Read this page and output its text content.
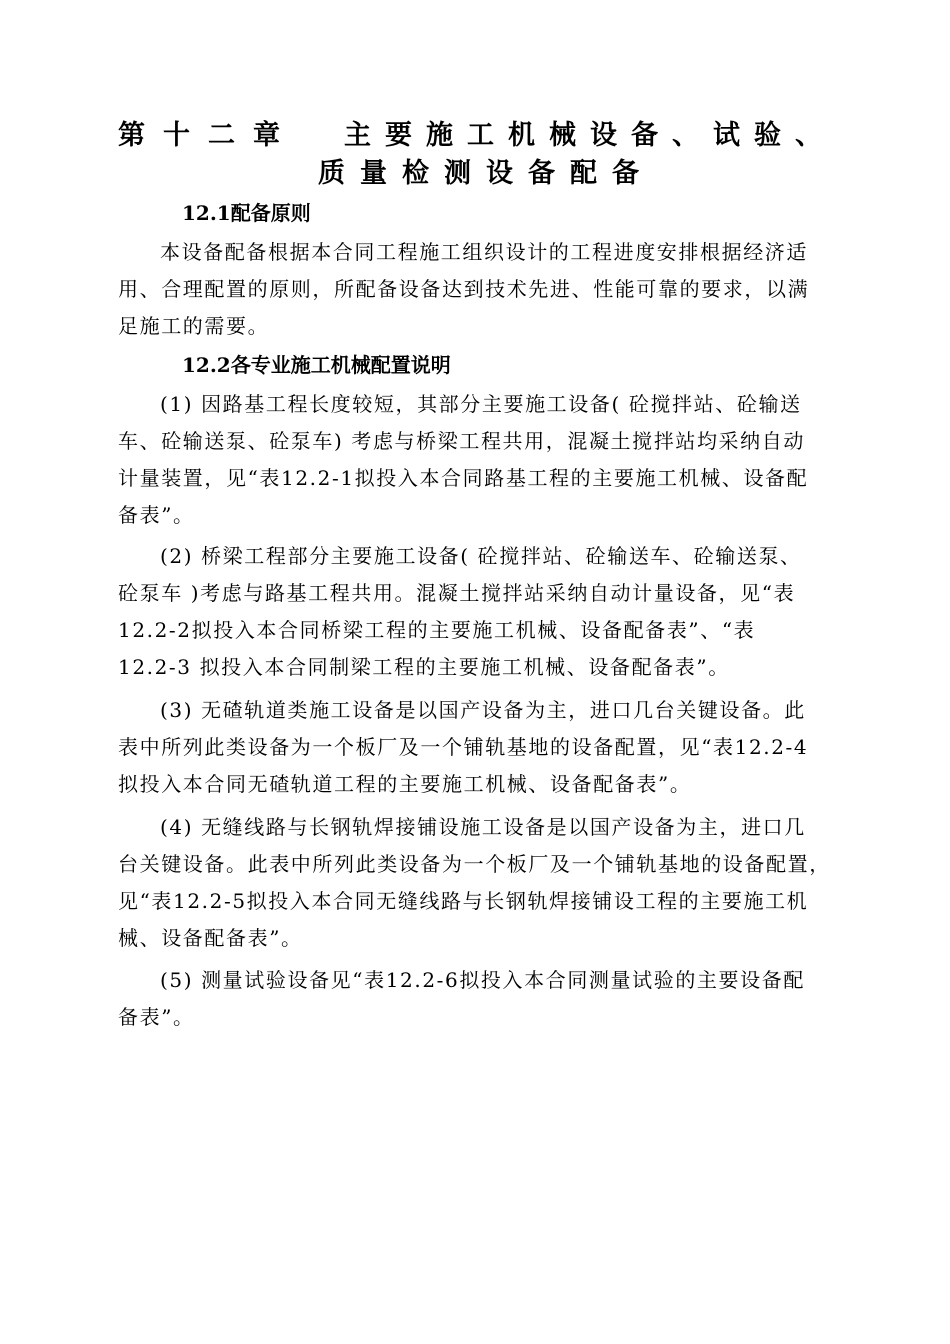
第十二章 主要施工机械设备、试验、
质量检测设备配备
12.1配备原则
本设备配备根据本合同工程施工组织设计的工程进度安排根据经济适
用、合理配置的原则，所配备设备达到技术先进、性能可靠的要求，以满
足施工的需要。
12.2各专业施工机械配置说明
(1) 因路基工程长度较短，其部分主要施工设备( 砼搅拌站、砼输送
车、砼输送泵、砼泵车) 考虑与桥梁工程共用，混凝土搅拌站均采纳自动
计量装置，见“表12.2-1拟投入本合同路基工程的主要施工机械、设备配
备表”。
(2) 桥梁工程部分主要施工设备( 砼搅拌站、砼输送车、砼输送泵、
砼泵车 )考虑与路基工程共用。混凝土搅拌站采纳自动计量设备，见“表
12.2-2拟投入本合同桥梁工程的主要施工机械、设备配备表”、“表
12.2-3 拟投入本合同制梁工程的主要施工机械、设备配备表”。
(3) 无碴轨道类施工设备是以国产设备为主，进口几台关键设备。此
表中所列此类设备为一个板厂及一个铺轨基地的设备配置，见“表12.2-4
拟投入本合同无碴轨道工程的主要施工机械、设备配备表”。
(4) 无缝线路与长钢轨焊接铺设施工设备是以国产设备为主，进口几
台关键设备。此表中所列此类设备为一个板厂及一个铺轨基地的设备配置，
见“表12.2-5拟投入本合同无缝线路与长钢轨焊接铺设工程的主要施工机
械、设备配备表”。
(5) 测量试验设备见“表12.2-6拟投入本合同测量试验的主要设备配
备表”。
